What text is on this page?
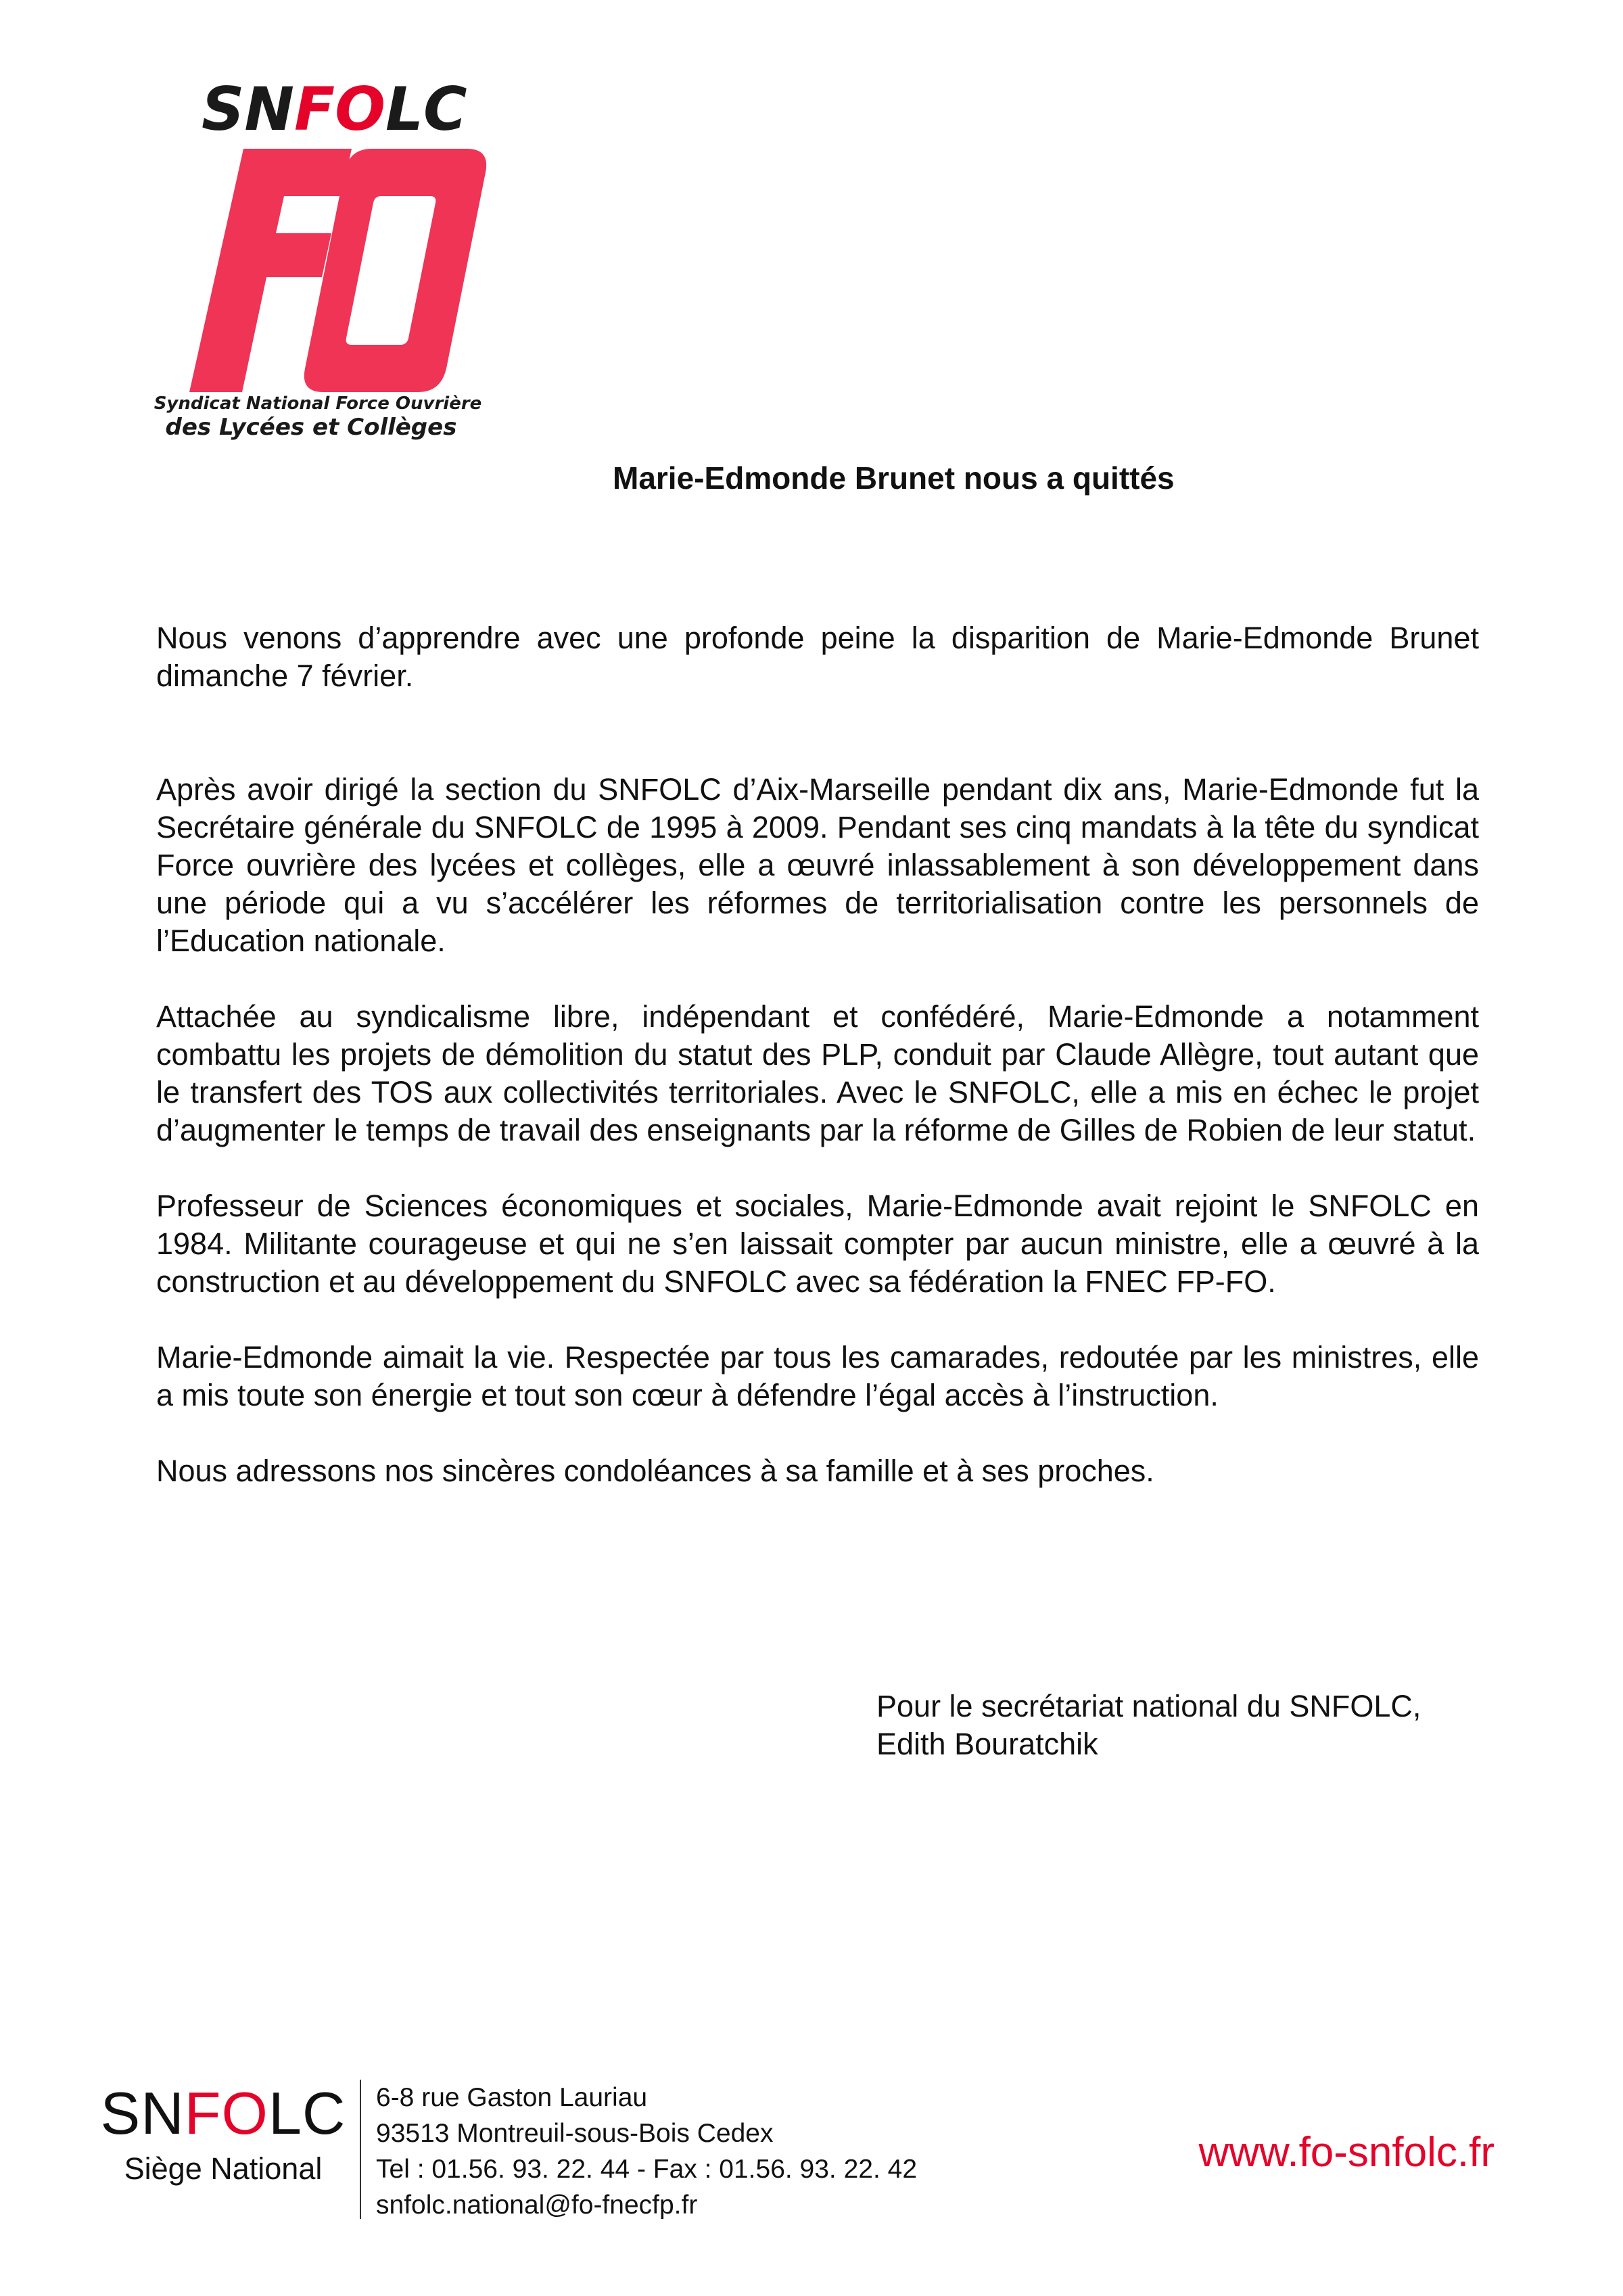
SNFOLC
Syndicat National Force Ouvrière
des Lycées et Collèges
Marie-Edmonde Brunet nous a quittés

Nous venons d’apprendre avec une profonde peine la disparition de Marie-Edmonde Brunet dimanche 7 février.

Après avoir dirigé la section du SNFOLC d’Aix-Marseille pendant dix ans, Marie-Edmonde fut la Secrétaire générale du SNFOLC de 1995 à 2009. Pendant ses cinq mandats à la tête du syndicat Force ouvrière des lycées et collèges, elle a œuvré inlassablement à son développement dans une période qui a vu s’accélérer les réformes de territorialisation contre les personnels de l’Education nationale.

Attachée au syndicalisme libre, indépendant et confédéré, Marie-Edmonde a notamment combattu les projets de démolition du statut des PLP, conduit par Claude Allègre, tout autant que le transfert des TOS aux collectivités territoriales. Avec le SNFOLC, elle a mis en échec le projet d’augmenter le temps de travail des enseignants par la réforme de Gilles de Robien de leur statut.

Professeur de Sciences économiques et sociales, Marie-Edmonde avait rejoint le SNFOLC en 1984. Militante courageuse et qui ne s’en laissait compter par aucun ministre, elle a œuvré à la construction et au développement du SNFOLC avec sa fédération la FNEC FP-FO.

Marie-Edmonde aimait la vie. Respectée par tous les camarades, redoutée par les ministres, elle a mis toute son énergie et tout son cœur à défendre l’égal accès à l’instruction.

Nous adressons nos sincères condoléances à sa famille et à ses proches.

Pour le secrétariat national du SNFOLC,
Edith Bouratchik
SNFOLC
Siège National
6-8 rue Gaston Lauriau
93513 Montreuil-sous-Bois Cedex
Tel : 01.56. 93. 22. 44 - Fax : 01.56. 93. 22. 42
snfolc.national@fo-fnecfp.fr
www.fo-snfolc.fr
